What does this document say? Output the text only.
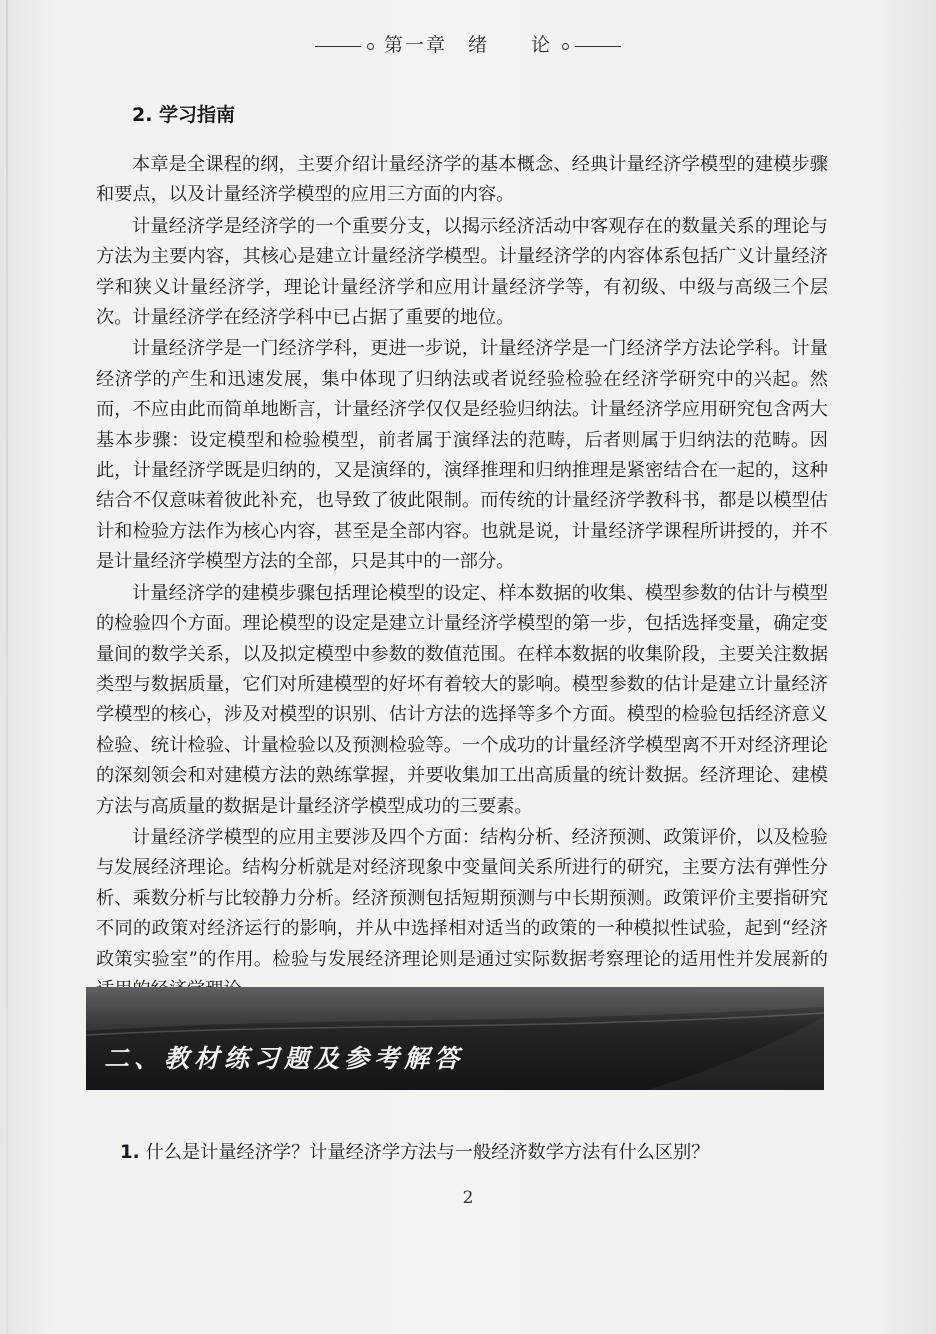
第一章　绪　　论
2. 学习指南

本章是全课程的纲，主要介绍计量经济学的基本概念、经典计量经济学模型的建模步骤和要点，以及计量经济学模型的应用三方面的内容。

计量经济学是经济学的一个重要分支，以揭示经济活动中客观存在的数量关系的理论与方法为主要内容，其核心是建立计量经济学模型。计量经济学的内容体系包括广义计量经济学和狭义计量经济学，理论计量经济学和应用计量经济学等，有初级、中级与高级三个层次。计量经济学在经济学科中已占据了重要的地位。

计量经济学是一门经济学科，更进一步说，计量经济学是一门经济学方法论学科。计量经济学的产生和迅速发展，集中体现了归纳法或者说经验检验在经济学研究中的兴起。然而，不应由此而简单地断言，计量经济学仅仅是经验归纳法。计量经济学应用研究包含两大基本步骤：设定模型和检验模型，前者属于演绎法的范畴，后者则属于归纳法的范畴。因此，计量经济学既是归纳的，又是演绎的，演绎推理和归纳推理是紧密结合在一起的，这种结合不仅意味着彼此补充，也导致了彼此限制。而传统的计量经济学教科书，都是以模型估计和检验方法作为核心内容，甚至是全部内容。也就是说，计量经济学课程所讲授的，并不是计量经济学模型方法的全部，只是其中的一部分。

计量经济学的建模步骤包括理论模型的设定、样本数据的收集、模型参数的估计与模型的检验四个方面。理论模型的设定是建立计量经济学模型的第一步，包括选择变量，确定变量间的数学关系，以及拟定模型中参数的数值范围。在样本数据的收集阶段，主要关注数据类型与数据质量，它们对所建模型的好坏有着较大的影响。模型参数的估计是建立计量经济学模型的核心，涉及对模型的识别、估计方法的选择等多个方面。模型的检验包括经济意义检验、统计检验、计量检验以及预测检验等。一个成功的计量经济学模型离不开对经济理论的深刻领会和对建模方法的熟练掌握，并要收集加工出高质量的统计数据。经济理论、建模方法与高质量的数据是计量经济学模型成功的三要素。

计量经济学模型的应用主要涉及四个方面：结构分析、经济预测、政策评价，以及检验与发展经济理论。结构分析就是对经济现象中变量间关系所进行的研究，主要方法有弹性分析、乘数分析与比较静力分析。经济预测包括短期预测与中长期预测。政策评价主要指研究不同的政策对经济运行的影响，并从中选择相对适当的政策的一种模拟性试验，起到“经济政策实验室”的作用。检验与发展经济理论则是通过实际数据考察理论的适用性并发展新的

二、教材练习题及参考解答
1. 什么是计量经济学？计量经济学方法与一般经济数学方法有什么区别？
2
